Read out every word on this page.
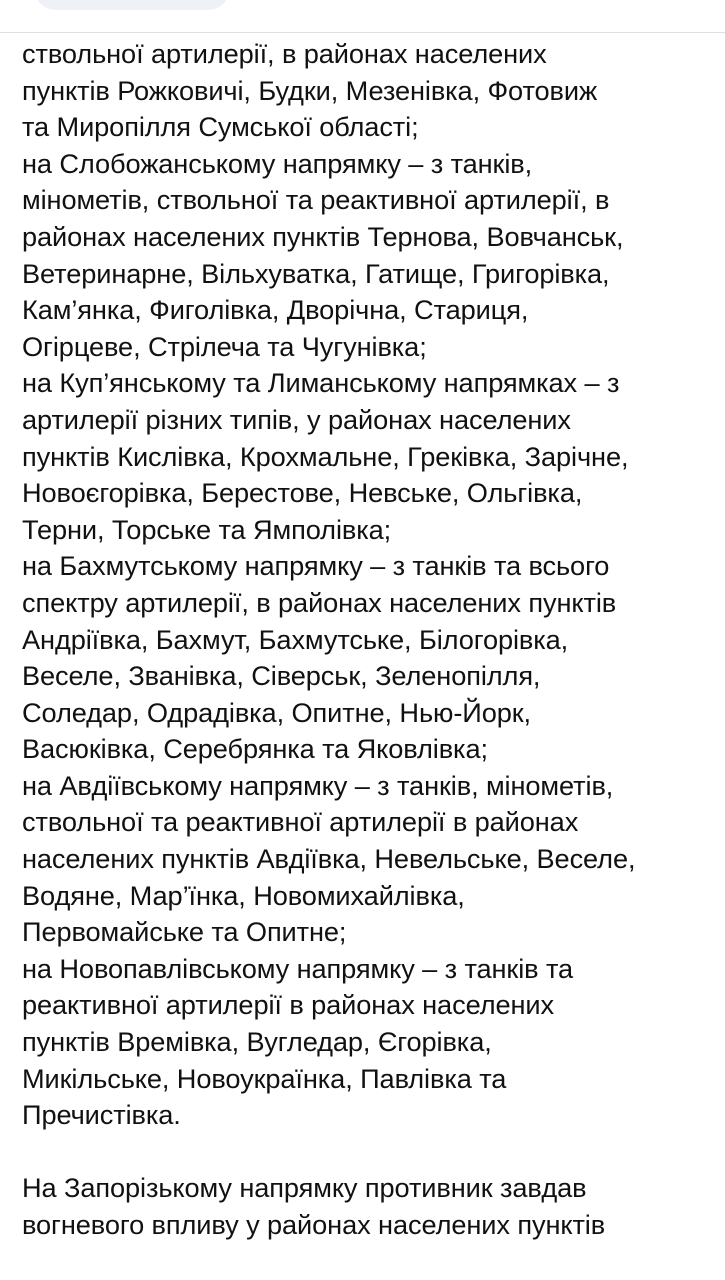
ствольної артилерії, в районах населених
пунктів Рожковичі, Будки, Мезенівка, Фотовиж
та Миропілля Сумської області;
на Слобожанському напрямку – з танків,
мінометів, ствольної та реактивної артилерії, в
районах населених пунктів Тернова, Вовчанськ,
Ветеринарне, Вільхуватка, Гатище, Григорівка,
Кам’янка, Фиголівка, Дворічна, Стариця,
Огірцеве, Стрілеча та Чугунівка;
на Куп’янському та Лиманському напрямках – з
артилерії різних типів, у районах населених
пунктів Кислівка, Крохмальне, Греківка, Зарічне,
Новоєгорівка, Берестове, Невське, Ольгівка,
Терни, Торське та Ямполівка;
на Бахмутському напрямку – з танків та всього
спектру артилерії, в районах населених пунктів
Андріївка, Бахмут, Бахмутське, Білогорівка,
Веселе, Званівка, Сіверськ, Зеленопілля,
Соледар, Одрадівка, Опитне, Нью-Йорк,
Васюківка, Серебрянка та Яковлівка;
на Авдіївському напрямку – з танків, мінометів,
ствольної та реактивної артилерії в районах
населених пунктів Авдіївка, Невельське, Веселе,
Водяне, Мар’їнка, Новомихайлівка,
Первомайське та Опитне;
на Новопавлівському напрямку – з танків та
реактивної артилерії в районах населених
пунктів Времівка, Вугледар, Єгорівка,
Микільське, Новоукраїнка, Павлівка та
Пречистівка.
На Запорізькому напрямку противник завдав
вогневого впливу у районах населених пунктів
